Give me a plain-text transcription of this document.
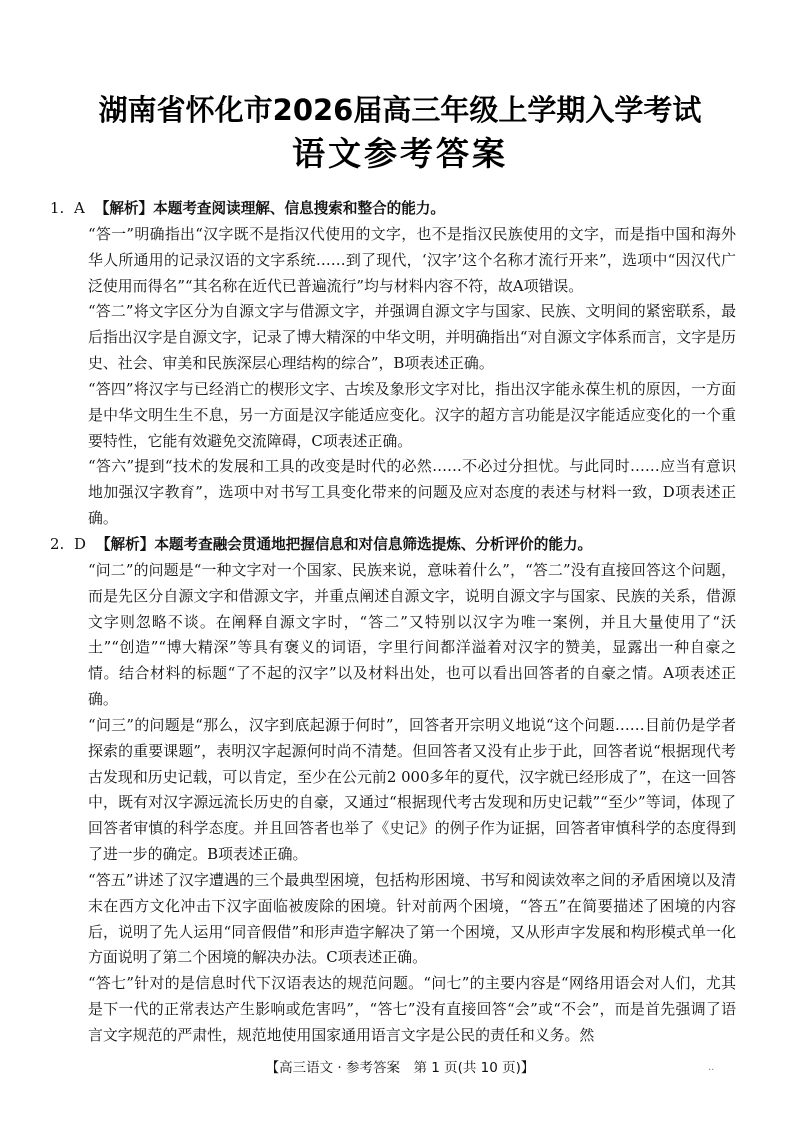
湖南省怀化市2026届高三年级上学期入学考试
语文参考答案

1. A 【解析】本题考查阅读理解、信息搜索和整合的能力。

“答一”明确指出“汉字既不是指汉代使用的文字，也不是指汉民族使用的文字，而是指中国和海外华人所通用的记录汉语的文字系统……到了现代，‘汉字’这个名称才流行开来”，选项中“因汉代广泛使用而得名”“其名称在近代已普遍流行”均与材料内容不符，故A项错误。

“答二”将文字区分为自源文字与借源文字，并强调自源文字与国家、民族、文明间的紧密联系，最后指出汉字是自源文字，记录了博大精深的中华文明，并明确指出“对自源文字体系而言，文字是历史、社会、审美和民族深层心理结构的综合”，B项表述正确。

“答四”将汉字与已经消亡的楔形文字、古埃及象形文字对比，指出汉字能永葆生机的原因，一方面是中华文明生生不息，另一方面是汉字能适应变化。汉字的超方言功能是汉字能适应变化的一个重要特性，它能有效避免交流障碍，C项表述正确。

“答六”提到“技术的发展和工具的改变是时代的必然……不必过分担忧。与此同时……应当有意识地加强汉字教育”，选项中对书写工具变化带来的问题及应对态度的表述与材料一致，D项表述正确。

2. D 【解析】本题考查融会贯通地把握信息和对信息筛选提炼、分析评价的能力。

“问二”的问题是“一种文字对一个国家、民族来说，意味着什么”，“答二”没有直接回答这个问题，而是先区分自源文字和借源文字，并重点阐述自源文字，说明自源文字与国家、民族的关系，借源文字则忽略不谈。在阐释自源文字时，“答二”又特别以汉字为唯一案例，并且大量使用了“沃土”“创造”“博大精深”等具有褒义的词语，字里行间都洋溢着对汉字的赞美，显露出一种自豪之情。结合材料的标题“了不起的汉字”以及材料出处，也可以看出回答者的自豪之情。A项表述正确。

“问三”的问题是“那么，汉字到底起源于何时”，回答者开宗明义地说“这个问题……目前仍是学者探索的重要课题”，表明汉字起源何时尚不清楚。但回答者又没有止步于此，回答者说“根据现代考古发现和历史记载，可以肯定，至少在公元前2 000多年的夏代，汉字就已经形成了”，在这一回答中，既有对汉字源远流长历史的自豪，又通过“根据现代考古发现和历史记载”“至少”等词，体现了回答者审慎的科学态度。并且回答者也举了《史记》的例子作为证据，回答者审慎科学的态度得到了进一步的确定。B项表述正确。

“答五”讲述了汉字遭遇的三个最典型困境，包括构形困境、书写和阅读效率之间的矛盾困境以及清末在西方文化冲击下汉字面临被废除的困境。针对前两个困境，“答五”在简要描述了困境的内容后，说明了先人运用“同音假借”和形声造字解决了第一个困境，又从形声字发展和构形模式单一化方面说明了第二个困境的解决办法。C项表述正确。

“答七”针对的是信息时代下汉语表达的规范问题。“问七”的主要内容是“网络用语会对人们，尤其是下一代的正常表达产生影响或危害吗”，“答七”没有直接回答“会”或“不会”，而是首先强调了语言文字规范的严肃性，规范地使用国家通用语言文字是公民的责任和义务。然

【高三语文 · 参考答案　第 1 页(共 10 页)】	..
